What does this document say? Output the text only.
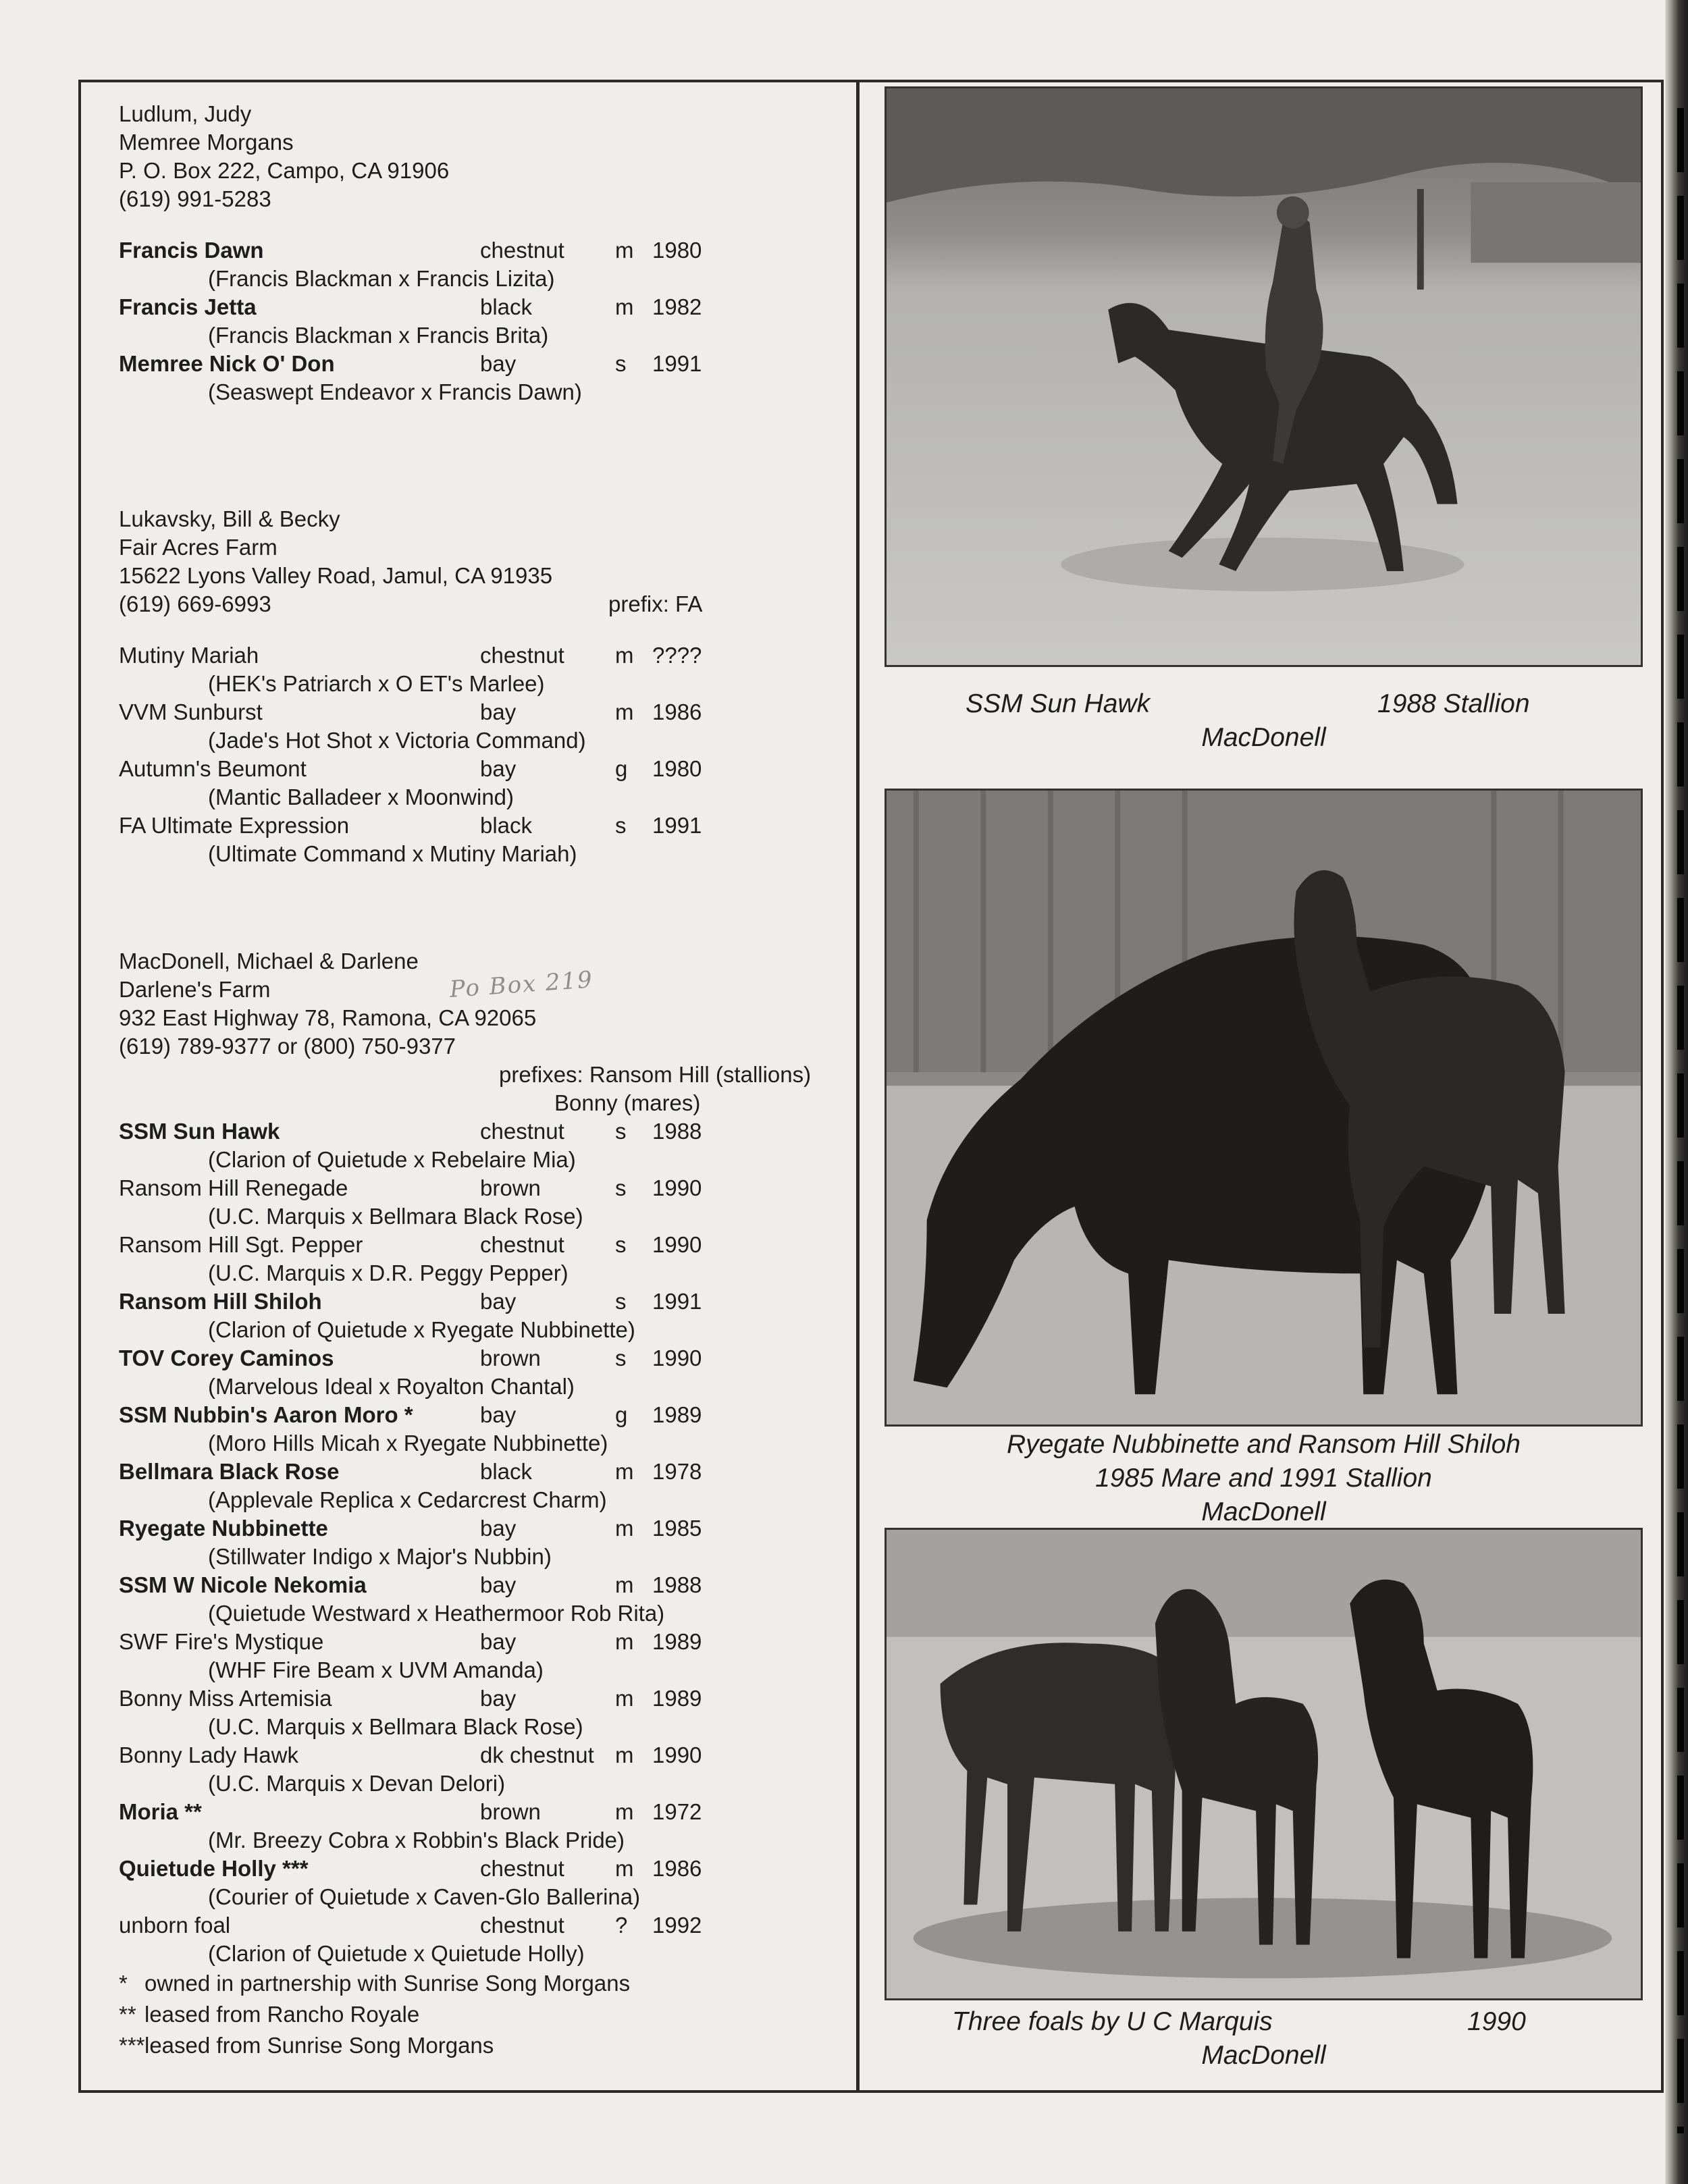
Ludlum, Judy
Memree Morgans
P. O. Box 222, Campo, CA 91906
(619) 991-5283
Francis Dawn	chestnut m 1980
(Francis Blackman x Francis Lizita)
Francis Jetta	black	m 1982
(Francis Blackman x Francis Brita)
Memree Nick O' Don	bay	s 1991
(Seaswept Endeavor x Francis Dawn)
Lukavsky, Bill & Becky
Fair Acres Farm
15622 Lyons Valley Road, Jamul, CA 91935
(619) 669-6993	prefix: FA
Mutiny Mariah	chestnut m ????
(HEK's Patriarch x O ET's Marlee)
VVM Sunburst	bay	m 1986
(Jade's Hot Shot x Victoria Command)
Autumn's Beumont	bay	g 1980
(Mantic Balladeer x Moonwind)
FA Ultimate Expression	black	s 1991
(Ultimate Command x Mutiny Mariah)
MacDonell, Michael & Darlene
Darlene's Farm	Po Box 219
932 East Highway 78, Ramona, CA 92065
(619) 789-9377 or (800) 750-9377
prefixes: Ransom Hill (stallions)
Bonny (mares)
SSM Sun Hawk	chestnut s 1988
(Clarion of Quietude x Rebelaire Mia)
Ransom Hill Renegade	brown	s 1990
(U.C. Marquis x Bellmara Black Rose)
Ransom Hill Sgt. Pepper	chestnut s 1990
(U.C. Marquis x D.R. Peggy Pepper)
Ransom Hill Shiloh	bay	s 1991
(Clarion of Quietude x Ryegate Nubbinette)
TOV Corey Caminos	brown	s 1990
(Marvelous Ideal x Royalton Chantal)
SSM Nubbin's Aaron Moro *	bay	g 1989
(Moro Hills Micah x Ryegate Nubbinette)
Bellmara Black Rose	black	m 1978
(Applevale Replica x Cedarcrest Charm)
Ryegate Nubbinette	bay	m 1985
(Stillwater Indigo x Major's Nubbin)
SSM W Nicole Nekomia	bay	m 1988
(Quietude Westward x Heathermoor Rob Rita)
SWF Fire's Mystique	bay	m 1989
(WHF Fire Beam x UVM Amanda)
Bonny Miss Artemisia	bay	m 1989
(U.C. Marquis x Bellmara Black Rose)
Bonny Lady Hawk	dk chestnut m 1990
(U.C. Marquis x Devan Delori)
Moria **	brown	m 1972
(Mr. Breezy Cobra x Robbin's Black Pride)
Quietude Holly ***	chestnut m 1986
(Courier of Quietude x Caven-Glo Ballerina)
unborn foal	chestnut ? 1992
(Clarion of Quietude x Quietude Holly)
* owned in partnership with Sunrise Song Morgans
** leased from Rancho Royale
***leased from Sunrise Song Morgans
SSM Sun Hawk	1988 Stallion
MacDonell
Ryegate Nubbinette and Ransom Hill Shiloh
1985 Mare and 1991 Stallion
MacDonell
Three foals by U C Marquis	1990
MacDonell
